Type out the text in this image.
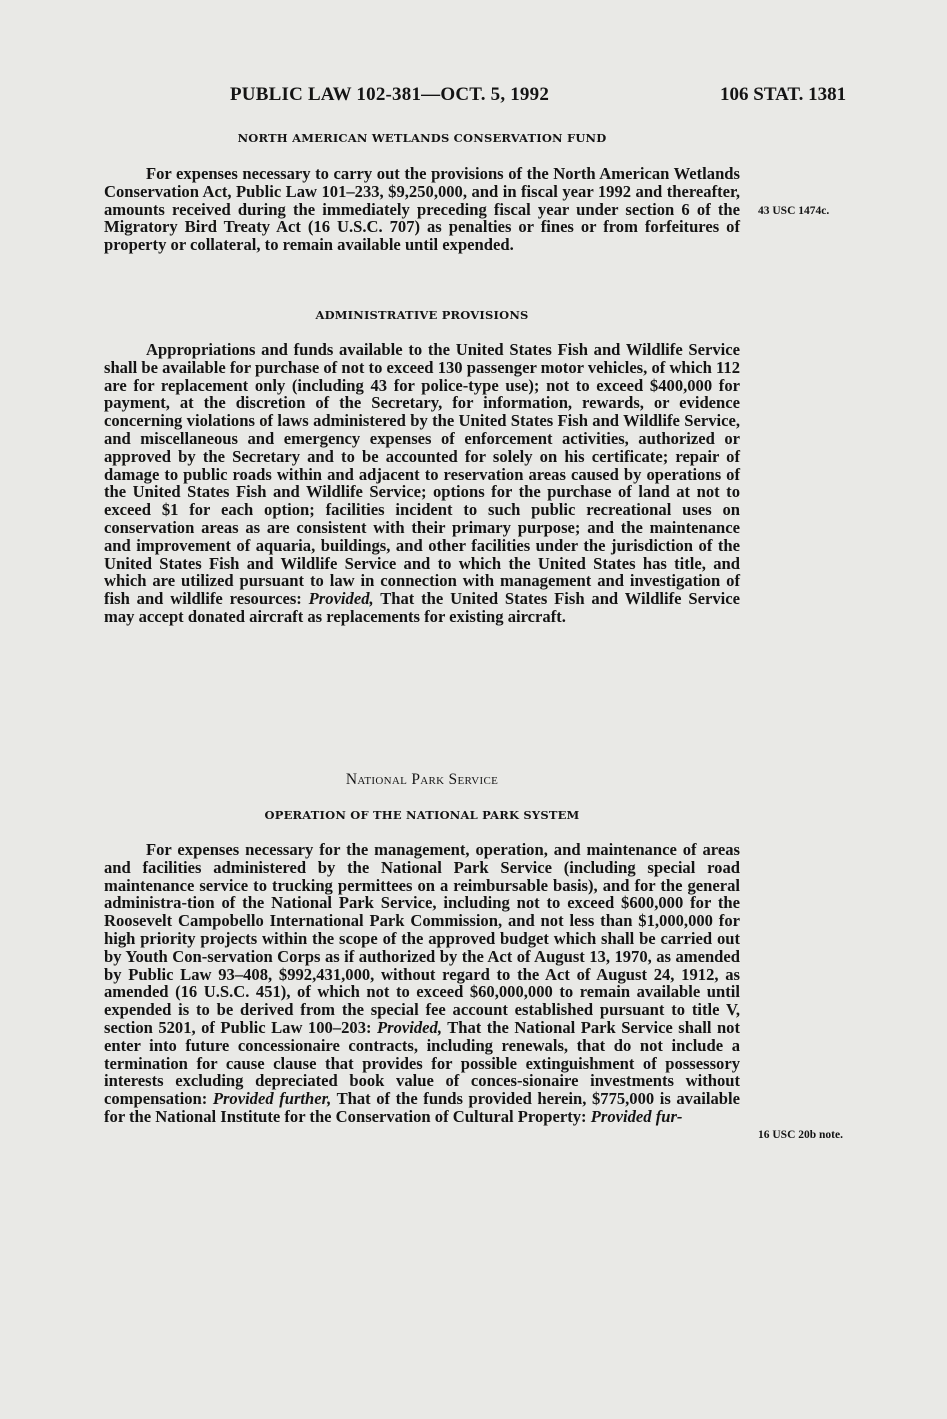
PUBLIC LAW 102-381—OCT. 5, 1992	106 STAT. 1381
NORTH AMERICAN WETLANDS CONSERVATION FUND

For expenses necessary to carry out the provisions of the North American Wetlands Conservation Act, Public Law 101–233, $9,250,000, and in fiscal year 1992 and thereafter, amounts received during the immediately preceding fiscal year under section 6 of the Migratory Bird Treaty Act (16 U.S.C. 707) as penalties or fines or from forfeitures of property or collateral, to remain available until expended.

43 USC 1474c.
ADMINISTRATIVE PROVISIONS

Appropriations and funds available to the United States Fish and Wildlife Service shall be available for purchase of not to exceed 130 passenger motor vehicles, of which 112 are for replacement only (including 43 for police-type use); not to exceed $400,000 for payment, at the discretion of the Secretary, for information, rewards, or evidence concerning violations of laws administered by the United States Fish and Wildlife Service, and miscellaneous and emergency expenses of enforcement activities, authorized or approved by the Secretary and to be accounted for solely on his certificate; repair of damage to public roads within and adjacent to reservation areas caused by operations of the United States Fish and Wildlife Service; options for the purchase of land at not to exceed $1 for each option; facilities incident to such public recreational uses on conservation areas as are consistent with their primary purpose; and the maintenance and improvement of aquaria, buildings, and other facilities under the jurisdiction of the United States Fish and Wildlife Service and to which the United States has title, and which are utilized pursuant to law in connection with management and investigation of fish and wildlife resources: Provided, That the United States Fish and Wildlife Service may accept donated aircraft as replacements for existing aircraft.

National Park Service
OPERATION OF THE NATIONAL PARK SYSTEM

For expenses necessary for the management, operation, and maintenance of areas and facilities administered by the National Park Service (including special road maintenance service to trucking permittees on a reimbursable basis), and for the general administra-tion of the National Park Service, including not to exceed $600,000 for the Roosevelt Campobello International Park Commission, and not less than $1,000,000 for high priority projects within the scope of the approved budget which shall be carried out by Youth Con-servation Corps as if authorized by the Act of August 13, 1970, as amended by Public Law 93–408, $992,431,000, without regard to the Act of August 24, 1912, as amended (16 U.S.C. 451), of which not to exceed $60,000,000 to remain available until expended is to be derived from the special fee account established pursuant to title V, section 5201, of Public Law 100–203: Provided, That the National Park Service shall not enter into future concessionaire contracts, including renewals, that do not include a termination for cause clause that provides for possible extinguishment of possessory interests excluding depreciated book value of conces-sionaire investments without compensation: Provided further, That of the funds provided herein, $775,000 is available for the National Institute for the Conservation of Cultural Property: Provided fur-

16 USC 20b note.
